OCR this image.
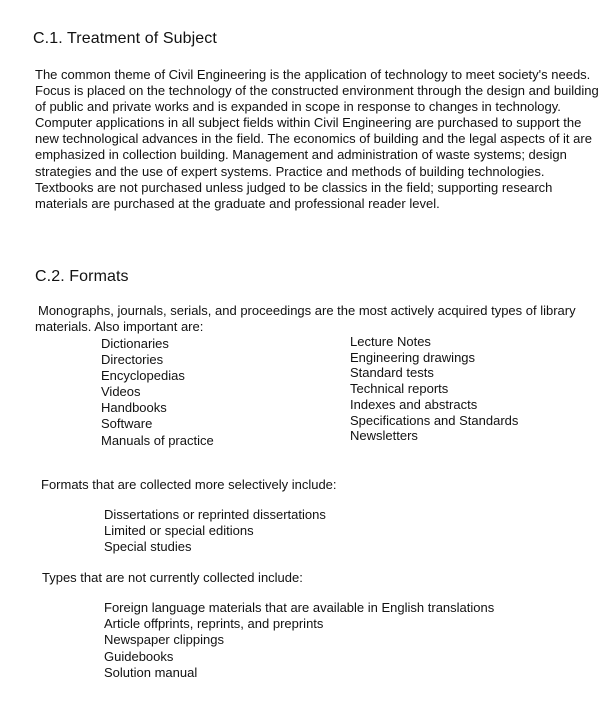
C.1. Treatment of Subject

The common theme of Civil Engineering is the application of technology to meet society's needs.
Focus is placed on the technology of the constructed environment through the design and building
of public and private works and is expanded in scope in response to changes in technology.
Computer applications in all subject fields within Civil Engineering are purchased to support the
new technological advances in the field. The economics of building and the legal aspects of it are
emphasized in collection building. Management and administration of waste systems; design
strategies and the use of expert systems. Practice and methods of building technologies.
Textbooks are not purchased unless judged to be classics in the field; supporting research
materials are purchased at the graduate and professional reader level.

C.2. Formats

Monographs, journals, serials, and proceedings are the most actively acquired types of library
materials. Also important are:

Dictionaries
Directories
Encyclopedias
Videos
Handbooks
Software
Manuals of practice
Lecture Notes
Engineering drawings
Standard tests
Technical reports
Indexes and abstracts
Specifications and Standards
Newsletters

Formats that are collected more selectively include:

Dissertations or reprinted dissertations
Limited or special editions
Special studies

Types that are not currently collected include:

Foreign language materials that are available in English translations
Article offprints, reprints, and preprints
Newspaper clippings
Guidebooks
Solution manual
